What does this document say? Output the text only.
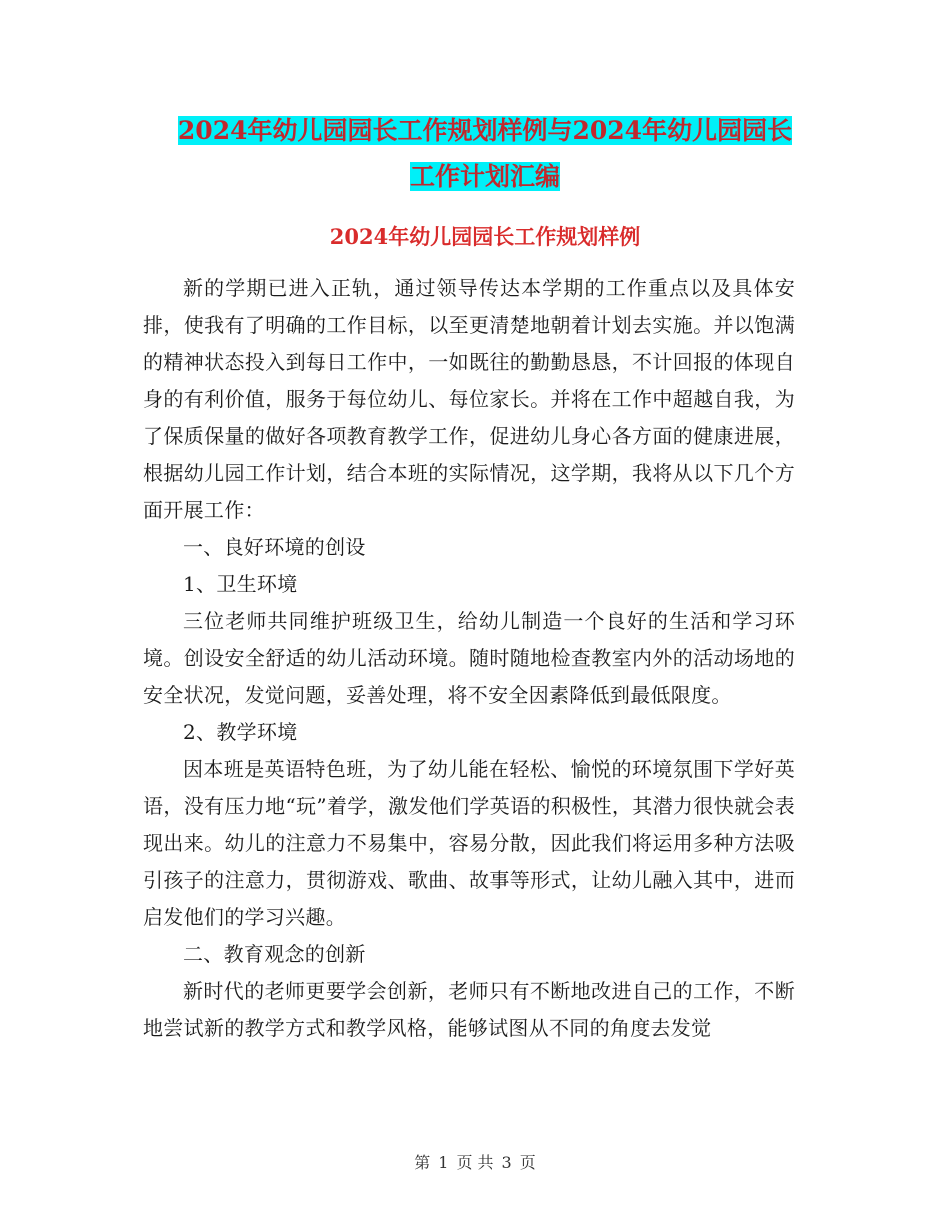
2024年幼儿园园长工作规划样例与2024年幼儿园园长
工作计划汇编
2024年幼儿园园长工作规划样例

新的学期已进入正轨，通过领导传达本学期的工作重点以及具体安排，使我有了明确的工作目标，以至更清楚地朝着计划去实施。并以饱满的精神状态投入到每日工作中，一如既往的勤勤恳恳，不计回报的体现自身的有利价值，服务于每位幼儿、每位家长。并将在工作中超越自我，为了保质保量的做好各项教育教学工作，促进幼儿身心各方面的健康进展，根据幼儿园工作计划，结合本班的实际情况，这学期，我将从以下几个方面开展工作：

一、良好环境的创设

1、卫生环境

三位老师共同维护班级卫生，给幼儿制造一个良好的生活和学习环境。创设安全舒适的幼儿活动环境。随时随地检查教室内外的活动场地的安全状况，发觉问题，妥善处理，将不安全因素降低到最低限度。

2、教学环境

因本班是英语特色班，为了幼儿能在轻松、愉悦的环境氛围下学好英语，没有压力地“玩”着学，激发他们学英语的积极性，其潜力很快就会表现出来。幼儿的注意力不易集中，容易分散，因此我们将运用多种方法吸引孩子的注意力，贯彻游戏、歌曲、故事等形式，让幼儿融入其中，进而启发他们的学习兴趣。

二、教育观念的创新

新时代的老师更要学会创新，老师只有不断地改进自己的工作，不断地尝试新的教学方式和教学风格，能够试图从不同的角度去发觉

第 1 页 共 3 页
